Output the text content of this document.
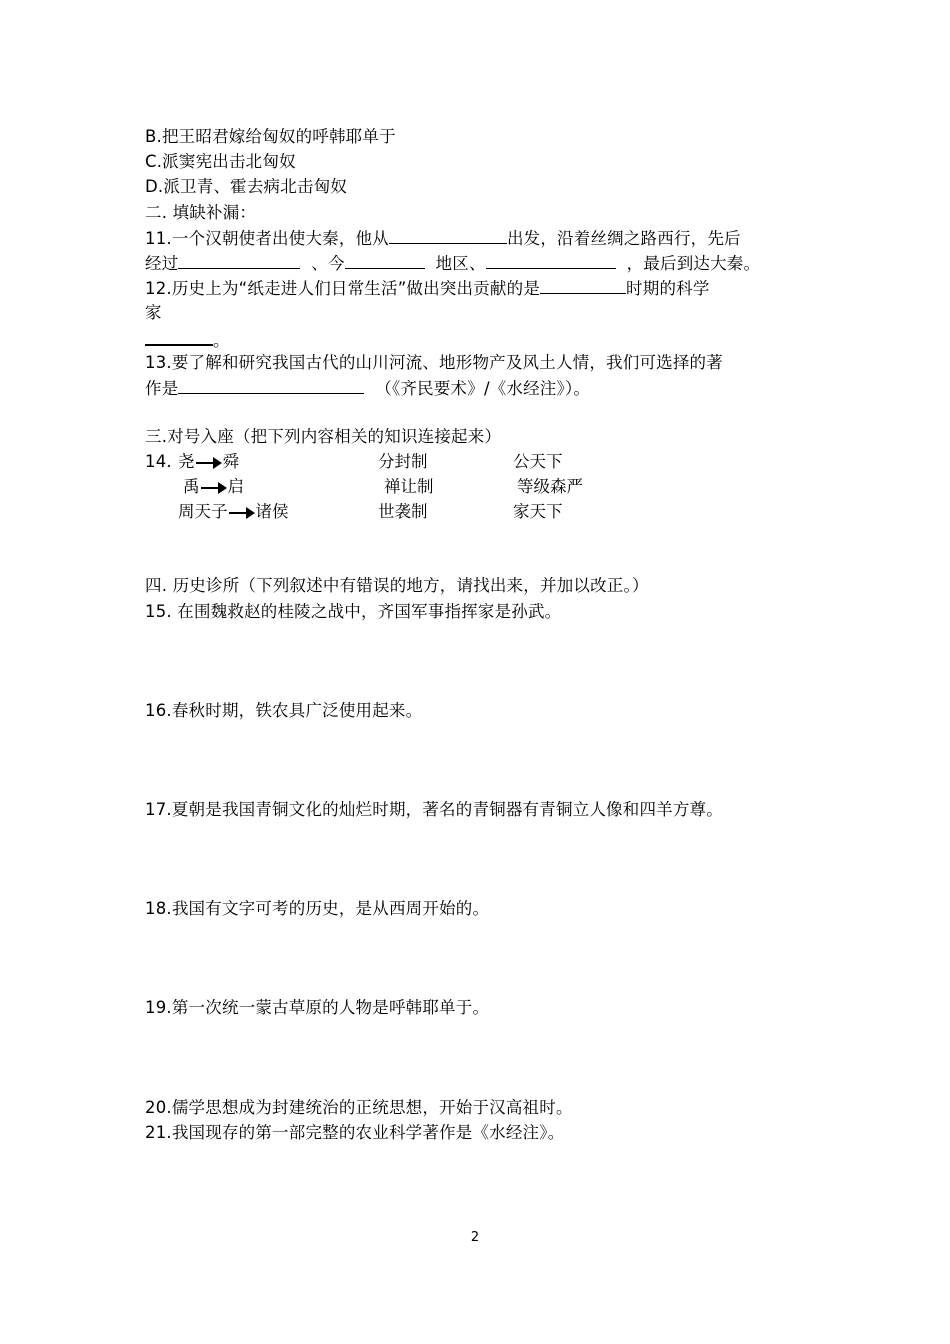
B.把王昭君嫁给匈奴的呼韩耶单于
C.派窦宪出击北匈奴
D.派卫青、霍去病北击匈奴
二. 填缺补漏：
11.一个汉朝使者出使大秦，他从	出发，沿着丝绸之路西行，先后
经过	、今	地区、	，最后到达大秦。
12.历史上为“纸走进人们日常生活”做出突出贡献的是	时期的科学
家
。
13.要了解和研究我国古代的山川河流、地形物产及风土人情，我们可选择的著
作是	（《齐民要术》/《水经注》）。
三.对号入座（把下列内容相关的知识连接起来）
14. 尧 舜	分封制	公天下
禹 启	禅让制	等级森严
周天子 诸侯	世袭制	家天下
四. 历史诊所（下列叙述中有错误的地方，请找出来，并加以改正。）
15. 在围魏救赵的桂陵之战中，齐国军事指挥家是孙武。
16.春秋时期，铁农具广泛使用起来。
17.夏朝是我国青铜文化的灿烂时期，著名的青铜器有青铜立人像和四羊方尊。
18.我国有文字可考的历史，是从西周开始的。
19.第一次统一蒙古草原的人物是呼韩耶单于。
20.儒学思想成为封建统治的正统思想，开始于汉高祖时。
21.我国现存的第一部完整的农业科学著作是《水经注》。
2
